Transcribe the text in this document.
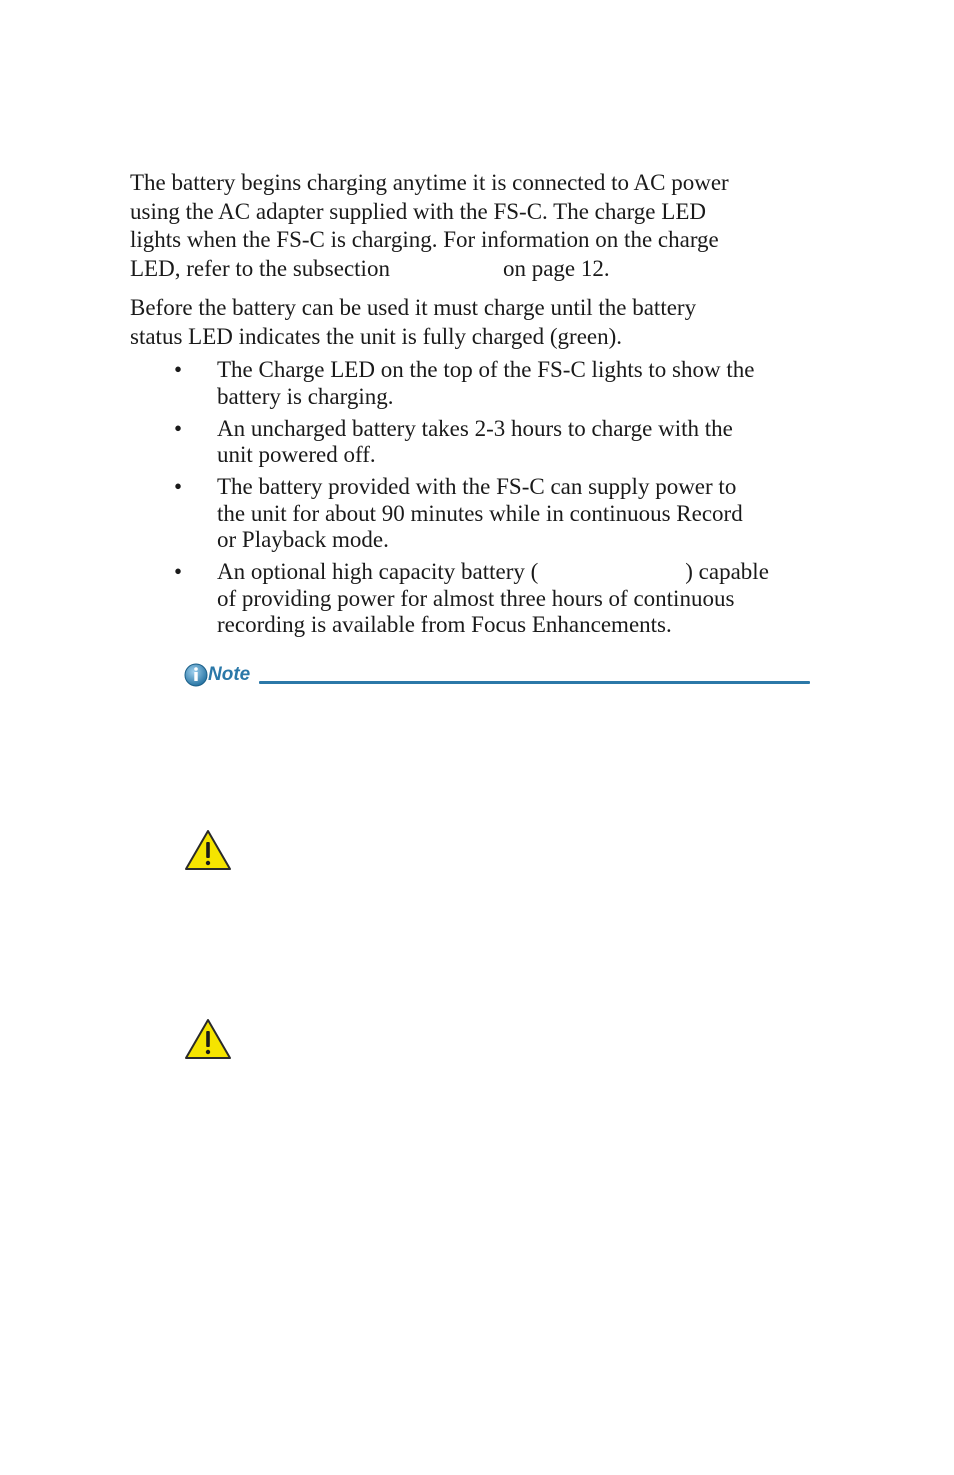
The battery begins charging anytime it is connected to AC power
using the AC adapter supplied with the FS-C. The charge LED
lights when the FS-C is charging. For information on the charge
LED, refer to the subsection	on page 12.

Before the battery can be used it must charge until the battery
status LED indicates the unit is fully charged (green).

•	The Charge LED on the top of the FS-C lights to show the
battery is charging.
•	An uncharged battery takes 2-3 hours to charge with the
unit powered off.
•	The battery provided with the FS-C can supply power to
the unit for about 90 minutes while in continuous Record
or Playback mode.
•	An optional high capacity battery (	) capable
of providing power for almost three hours of continuous
recording is available from Focus Enhancements.
Note
